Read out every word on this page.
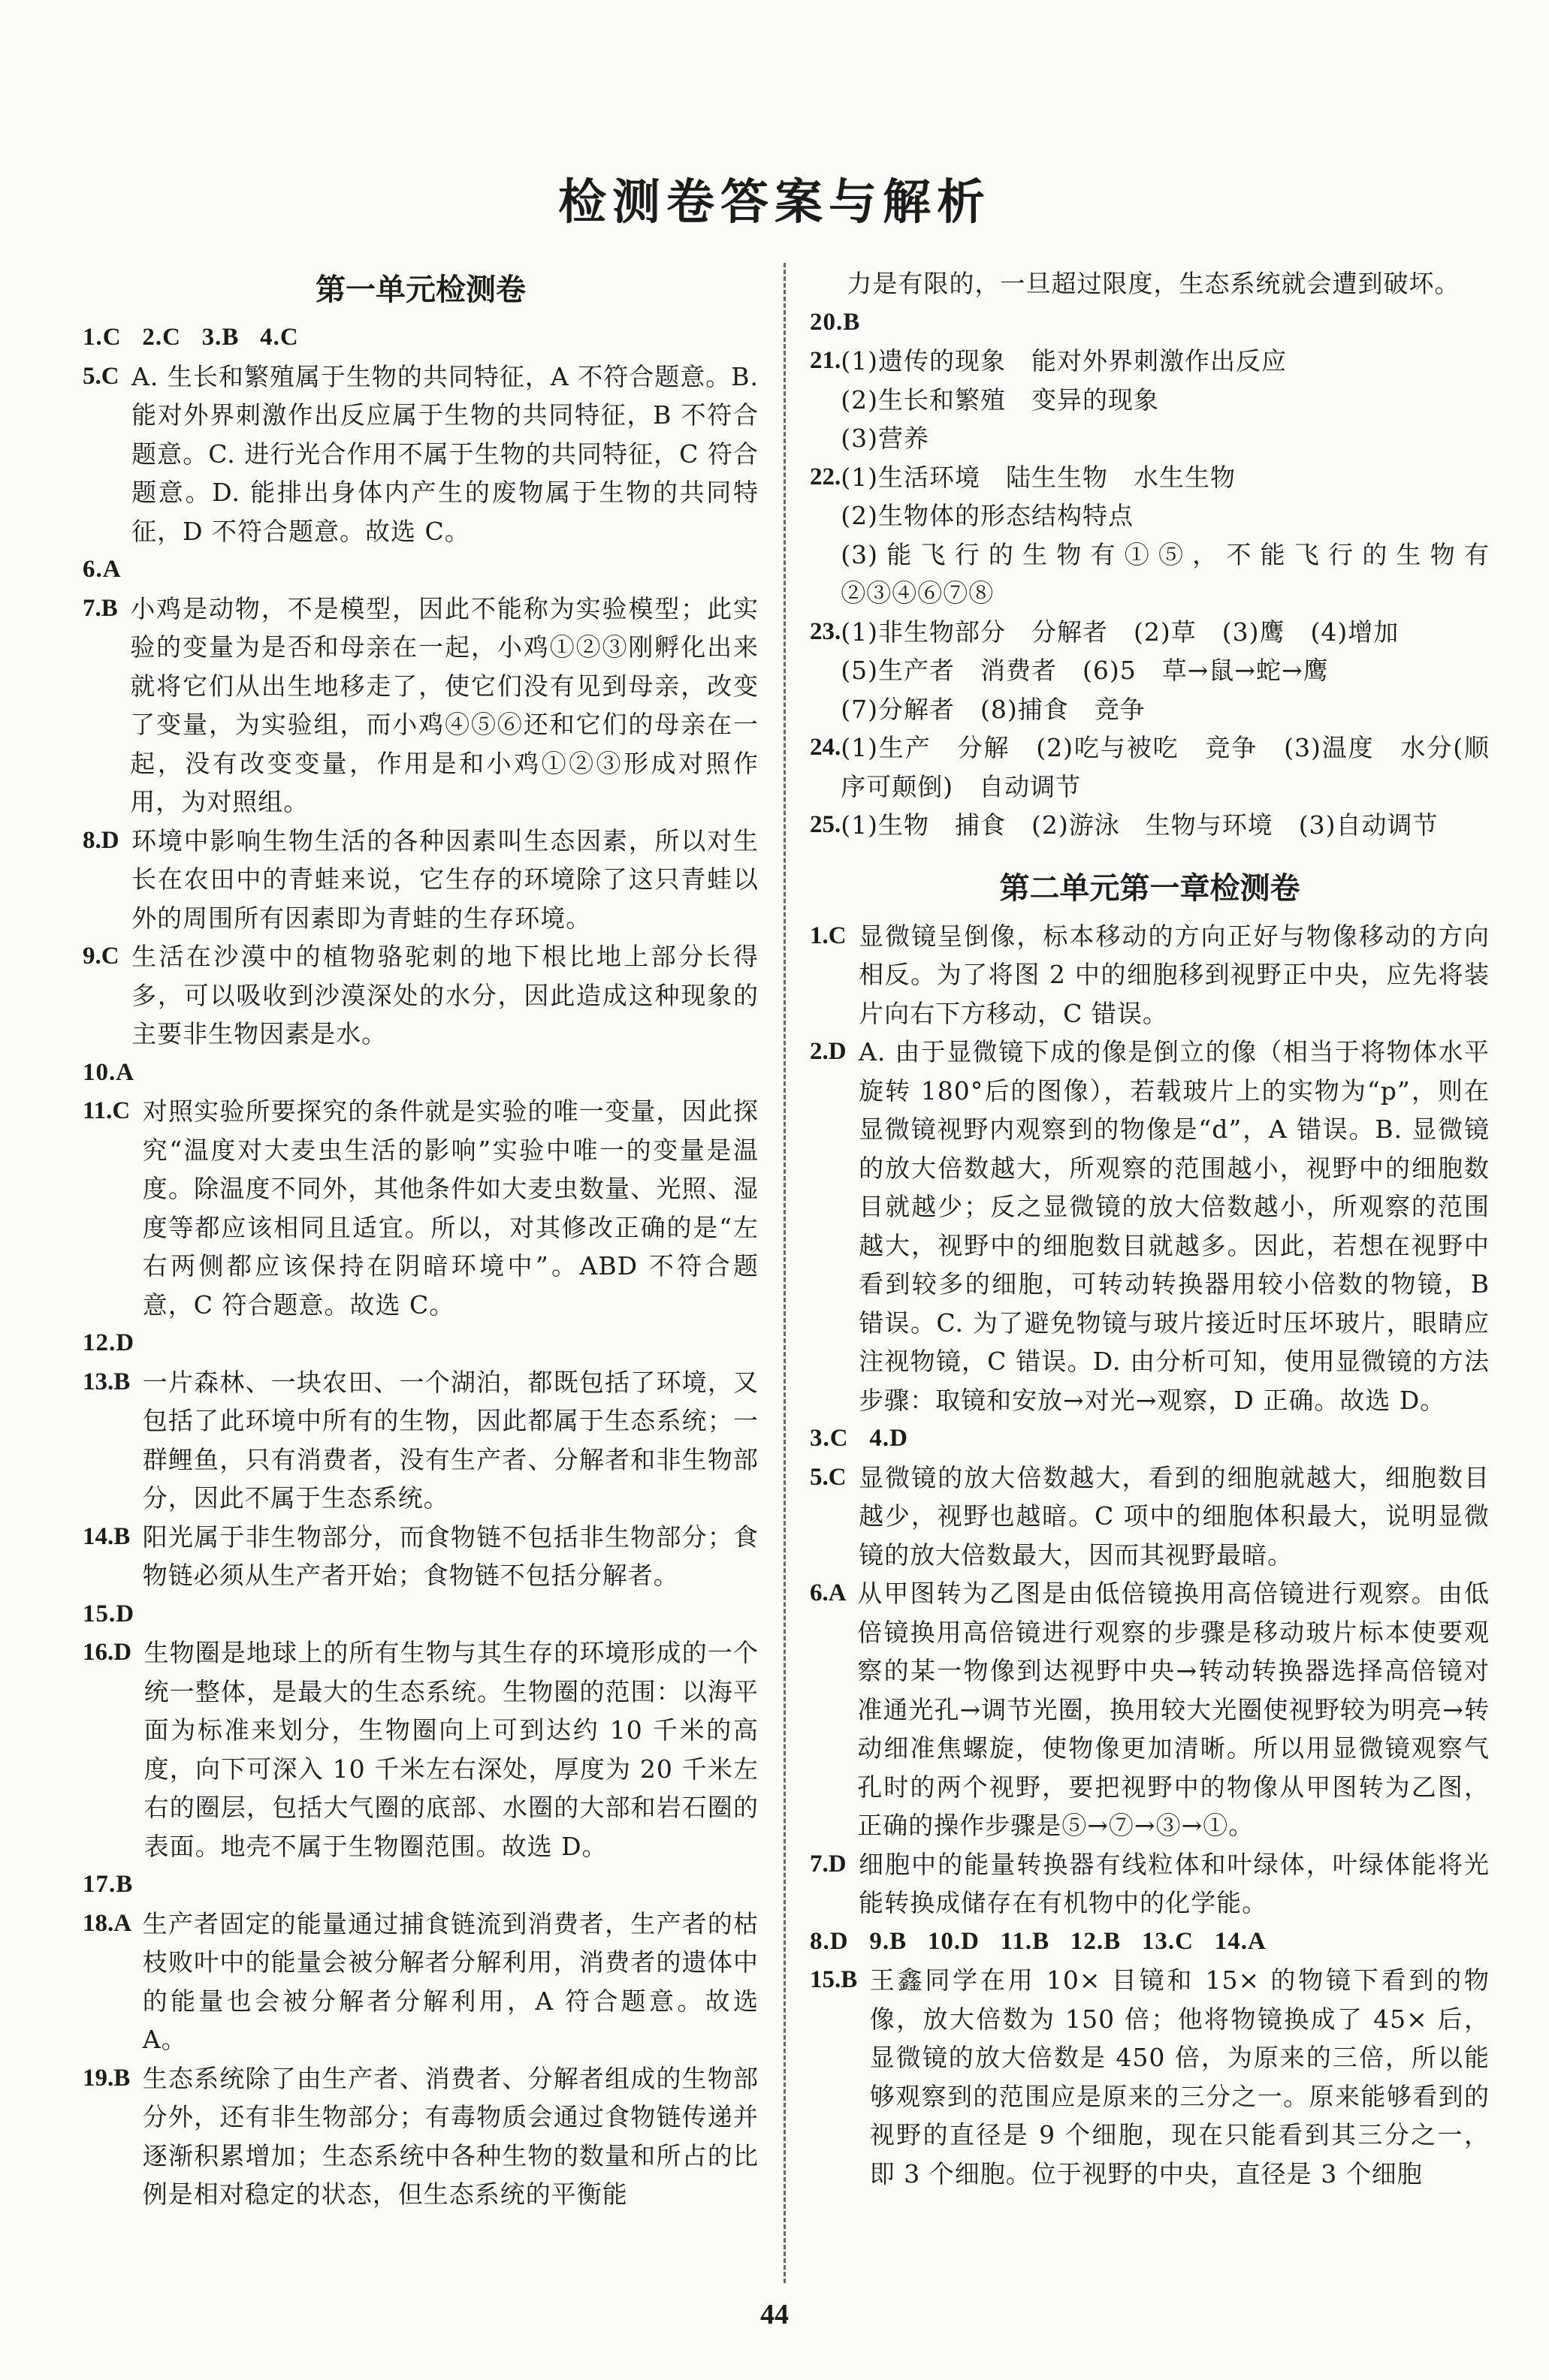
检测卷答案与解析
第一单元检测卷
1.C   2.C   3.B   4.C
5.C A. 生长和繁殖属于生物的共同特征，A 不符合题意。B. 能对外界刺激作出反应属于生物的共同特征，B 不符合题意。C. 进行光合作用不属于生物的共同特征，C 符合题意。D. 能排出身体内产生的废物属于生物的共同特征，D 不符合题意。故选 C。
6.A
7.B 小鸡是动物，不是模型，因此不能称为实验模型；此实验的变量为是否和母亲在一起，小鸡①②③刚孵化出来就将它们从出生地移走了，使它们没有见到母亲，改变了变量，为实验组，而小鸡④⑤⑥还和它们的母亲在一起，没有改变变量，作用是和小鸡①②③形成对照作用，为对照组。
8.D 环境中影响生物生活的各种因素叫生态因素，所以对生长在农田中的青蛙来说，它生存的环境除了这只青蛙以外的周围所有因素即为青蛙的生存环境。
9.C 生活在沙漠中的植物骆驼刺的地下根比地上部分长得多，可以吸收到沙漠深处的水分，因此造成这种现象的主要非生物因素是水。
10.A
11.C 对照实验所要探究的条件就是实验的唯一变量，因此探究“温度对大麦虫生活的影响”实验中唯一的变量是温度。除温度不同外，其他条件如大麦虫数量、光照、湿度等都应该相同且适宜。所以，对其修改正确的是“左右两侧都应该保持在阴暗环境中”。ABD 不符合题意，C 符合题意。故选 C。
12.D
13.B 一片森林、一块农田、一个湖泊，都既包括了环境，又包括了此环境中所有的生物，因此都属于生态系统；一群鲤鱼，只有消费者，没有生产者、分解者和非生物部分，因此不属于生态系统。
14.B 阳光属于非生物部分，而食物链不包括非生物部分；食物链必须从生产者开始；食物链不包括分解者。
15.D
16.D 生物圈是地球上的所有生物与其生存的环境形成的一个统一整体，是最大的生态系统。生物圈的范围：以海平面为标准来划分，生物圈向上可到达约 10 千米的高度，向下可深入 10 千米左右深处，厚度为 20 千米左右的圈层，包括大气圈的底部、水圈的大部和岩石圈的表面。地壳不属于生物圈范围。故选 D。
17.B
18.A 生产者固定的能量通过捕食链流到消费者，生产者的枯枝败叶中的能量会被分解者分解利用，消费者的遗体中的能量也会被分解者分解利用，A 符合题意。故选 A。
19.B 生态系统除了由生产者、消费者、分解者组成的生物部分外，还有非生物部分；有毒物质会通过食物链传递并逐渐积累增加；生态系统中各种生物的数量和所占的比例是相对稳定的状态，但生态系统的平衡能

力是有限的，一旦超过限度，生态系统就会遭到破坏。
20.B
21. (1)遗传的现象　能对外界刺激作出反应
(2)生长和繁殖　变异的现象
(3)营养
22. (1)生活环境　陆生生物　水生生物
(2)生物体的形态结构特点
(3)能飞行的生物有①⑤，不能飞行的生物有②③④⑥⑦⑧
23. (1)非生物部分　分解者　(2)草　(3)鹰　(4)增加
(5)生产者　消费者　(6)5　草→鼠→蛇→鹰
(7)分解者　(8)捕食　竞争
24. (1)生产　分解　(2)吃与被吃　竞争　(3)温度　水分(顺序可颠倒)　自动调节
25. (1)生物　捕食　(2)游泳　生物与环境　(3)自动调节
第二单元第一章检测卷
1.C 显微镜呈倒像，标本移动的方向正好与物像移动的方向相反。为了将图 2 中的细胞移到视野正中央，应先将装片向右下方移动，C 错误。
2.D A. 由于显微镜下成的像是倒立的像（相当于将物体水平旋转 180°后的图像），若载玻片上的实物为“p”，则在显微镜视野内观察到的物像是“d”，A 错误。B. 显微镜的放大倍数越大，所观察的范围越小，视野中的细胞数目就越少；反之显微镜的放大倍数越小，所观察的范围越大，视野中的细胞数目就越多。因此，若想在视野中看到较多的细胞，可转动转换器用较小倍数的物镜，B 错误。C. 为了避免物镜与玻片接近时压坏玻片，眼睛应注视物镜，C 错误。D. 由分析可知，使用显微镜的方法步骤：取镜和安放→对光→观察，D 正确。故选 D。
3.C   4.D
5.C 显微镜的放大倍数越大，看到的细胞就越大，细胞数目越少，视野也越暗。C 项中的细胞体积最大，说明显微镜的放大倍数最大，因而其视野最暗。
6.A 从甲图转为乙图是由低倍镜换用高倍镜进行观察。由低倍镜换用高倍镜进行观察的步骤是移动玻片标本使要观察的某一物像到达视野中央→转动转换器选择高倍镜对准通光孔→调节光圈，换用较大光圈使视野较为明亮→转动细准焦螺旋，使物像更加清晰。所以用显微镜观察气孔时的两个视野，要把视野中的物像从甲图转为乙图，正确的操作步骤是⑤→⑦→③→①。
7.D 细胞中的能量转换器有线粒体和叶绿体，叶绿体能将光能转换成储存在有机物中的化学能。
8.D   9.B   10.D   11.B   12.B   13.C   14.A
15.B 王鑫同学在用 10× 目镜和 15× 的物镜下看到的物像，放大倍数为 150 倍；他将物镜换成了 45× 后，显微镜的放大倍数是 450 倍，为原来的三倍，所以能够观察到的范围应是原来的三分之一。原来能够看到的视野的直径是 9 个细胞，现在只能看到其三分之一，即 3 个细胞。位于视野的中央，直径是 3 个细胞
44
